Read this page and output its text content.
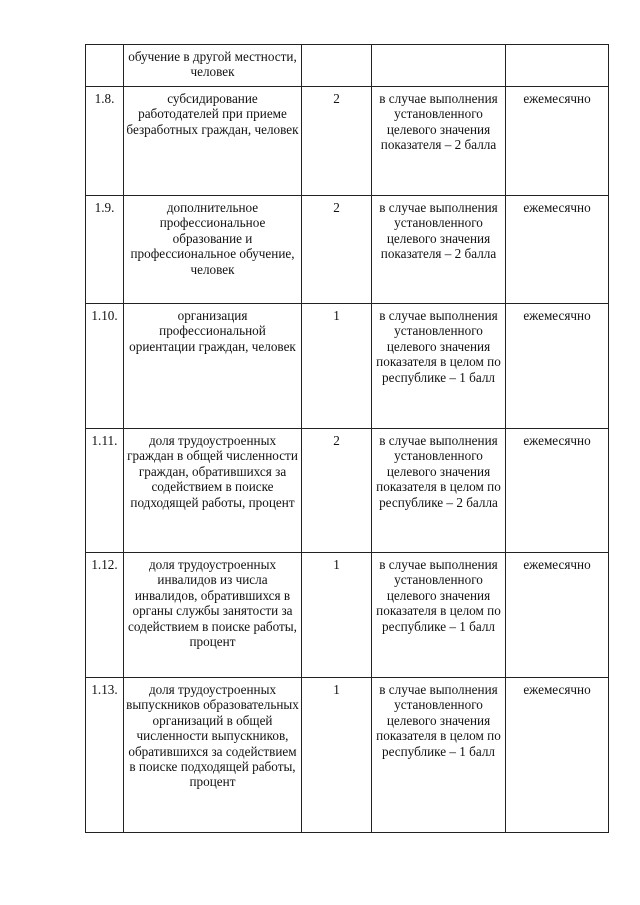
	обучение в другой местности, человек			
1.8.	субсидирование работодателей при приеме безработных граждан, человек	2	в случае выполнения установленного целевого значения показателя – 2 балла	ежемесячно
1.9.	дополнительное профессиональное образование и профессиональное обучение, человек	2	в случае выполнения установленного целевого значения показателя – 2 балла	ежемесячно
1.10.	организация профессиональной ориентации граждан, человек	1	в случае выполнения установленного целевого значения показателя в целом по республике – 1 балл	ежемесячно
1.11.	доля трудоустроенных граждан в общей численности граждан, обратившихся за содействием в поиске подходящей работы, процент	2	в случае выполнения установленного целевого значения показателя в целом по республике – 2 балла	ежемесячно
1.12.	доля трудоустроенных инвалидов из числа инвалидов, обратившихся в органы службы занятости за содействием в поиске работы, процент	1	в случае выполнения установленного целевого значения показателя в целом по республике – 1 балл	ежемесячно
1.13.	доля трудоустроенных выпускников образовательных организаций в общей численности выпускников, обратившихся за содействием в поиске подходящей работы, процент	1	в случае выполнения установленного целевого значения показателя в целом по республике – 1 балл	ежемесячно
